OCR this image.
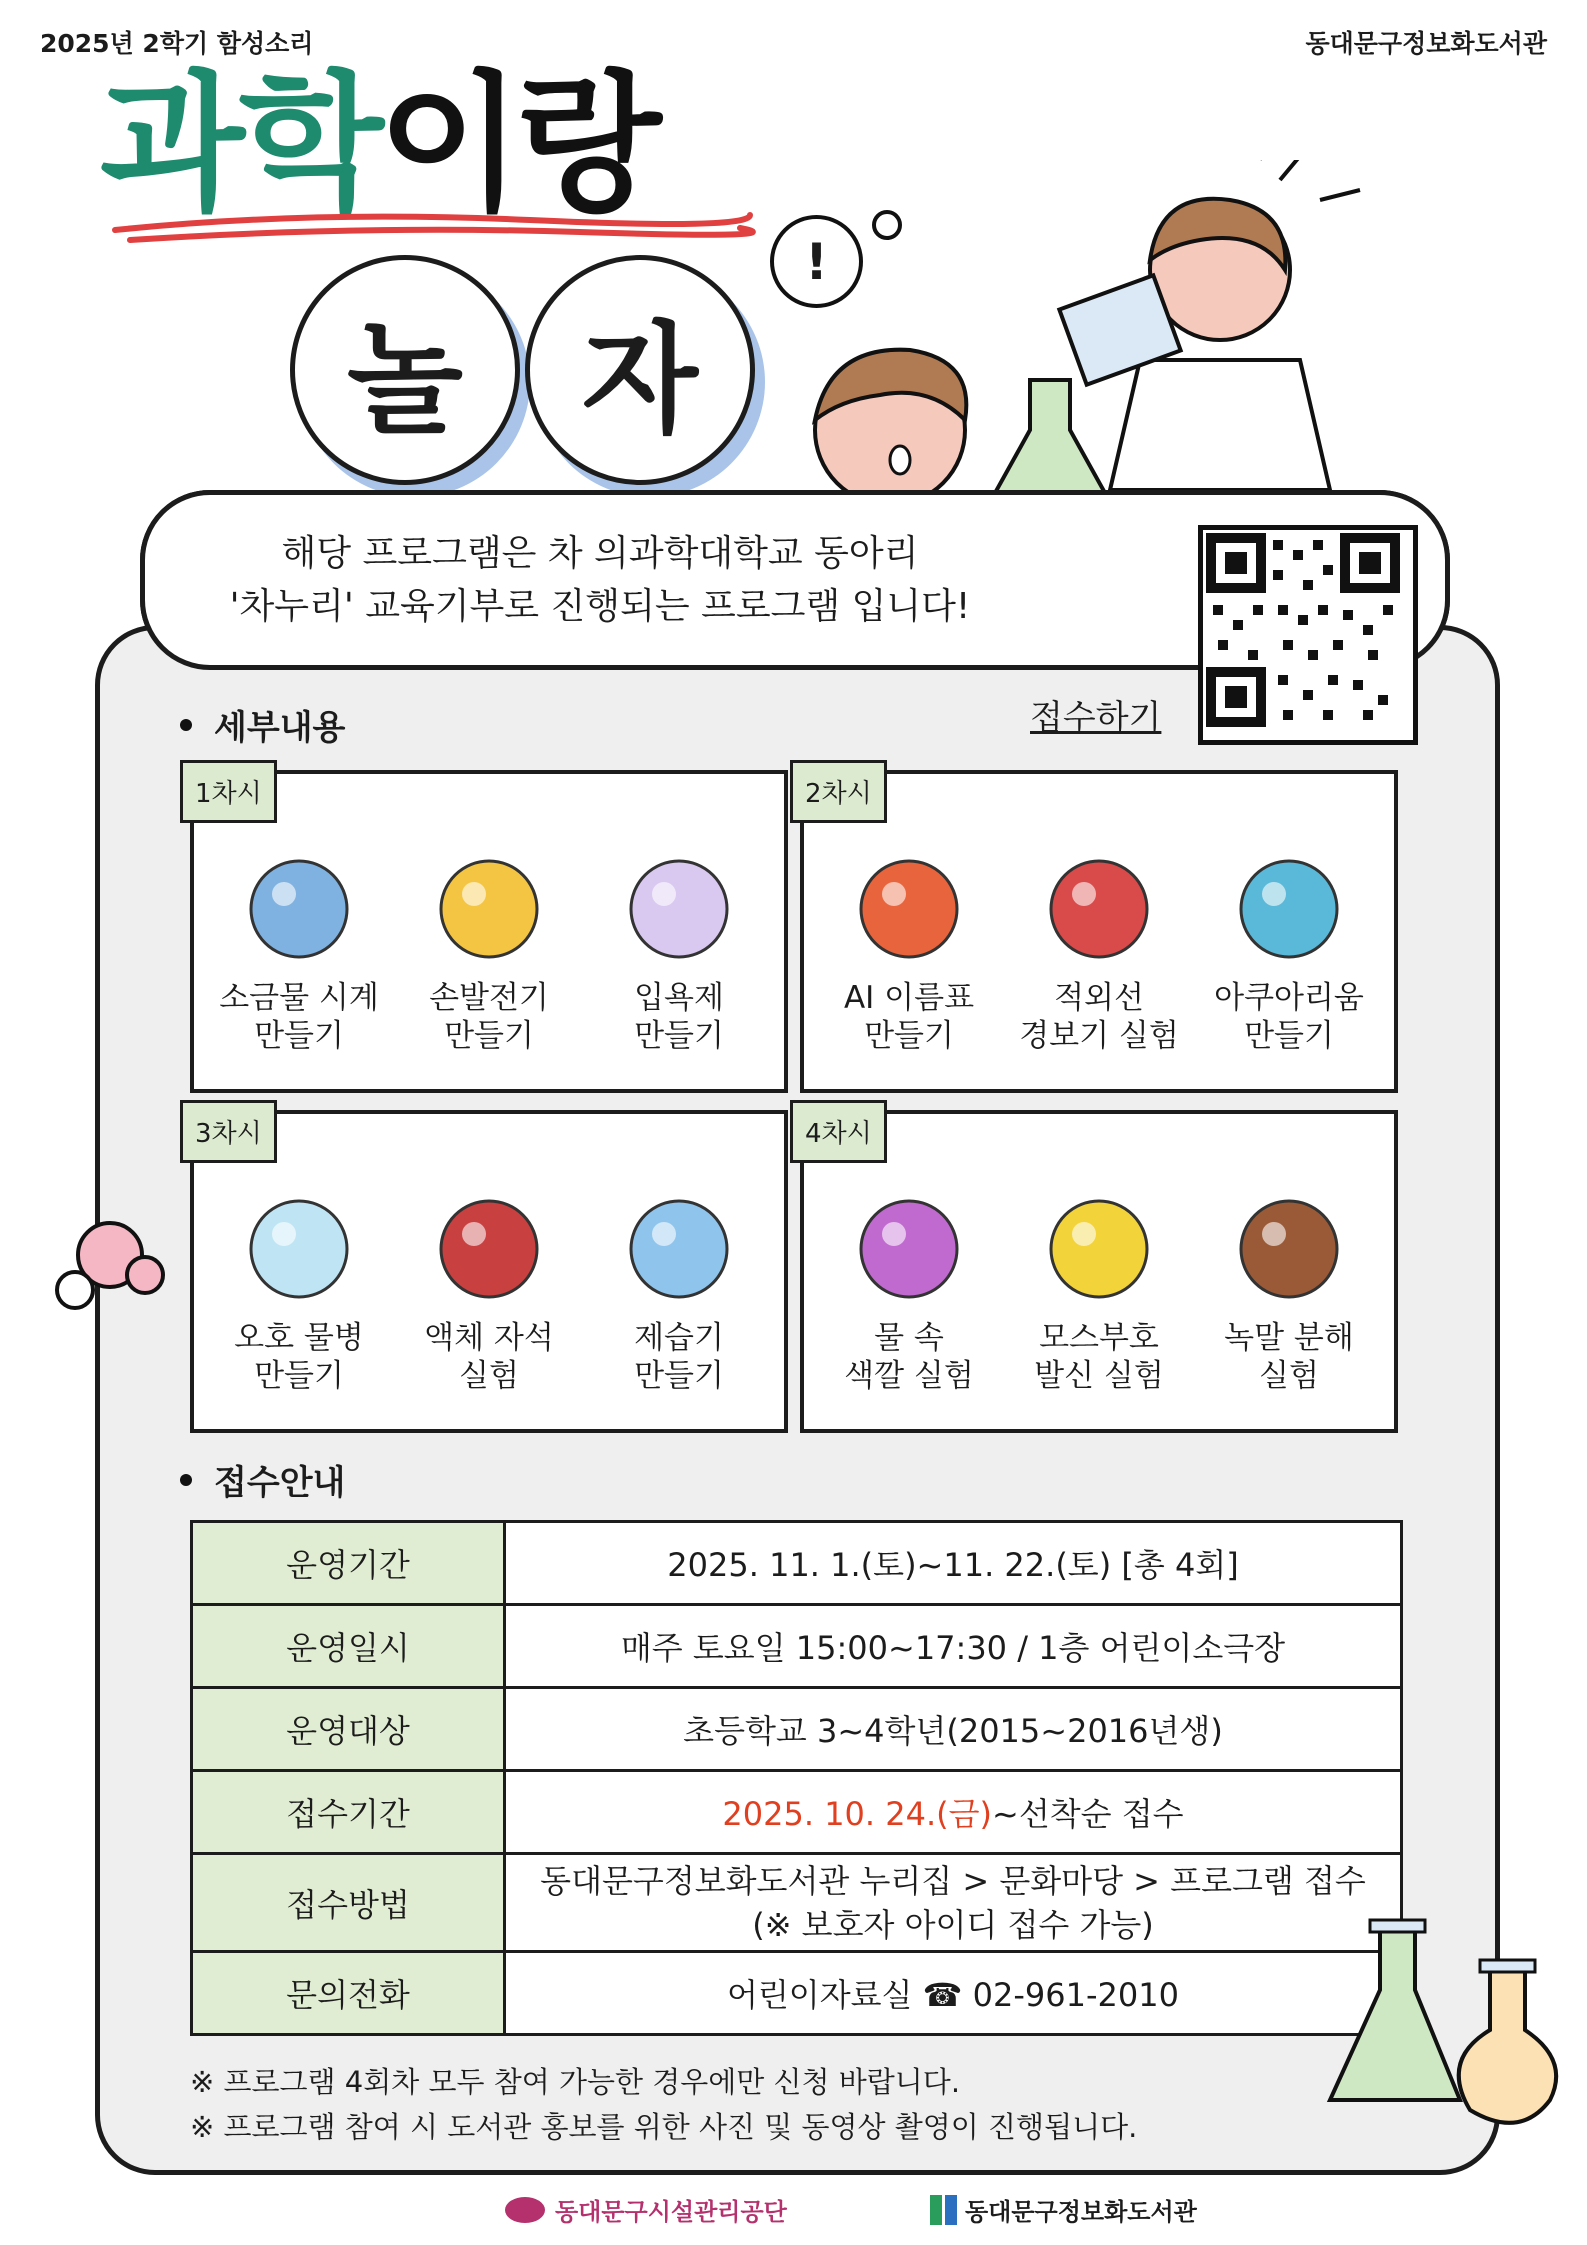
2025년 2학기 함성소리	동대문구정보화도서관
과학이랑
놀 자
!
해당 프로그램은 차 의과학대학교 동아리
'차누리' 교육기부로 진행되는 프로그램 입니다!
접수하기
세부내용
1차시
소금물 시계
만들기
손발전기
만들기
입욕제
만들기
2차시
AI 이름표
만들기
적외선
경보기 실험
아쿠아리움
만들기
3차시
오호 물병
만들기
액체 자석
실험
제습기
만들기
4차시
물 속
색깔 실험
모스부호
발신 실험
녹말 분해
실험
접수안내
운영기간	2025. 11. 1.(토)~11. 22.(토) [총 4회]
운영일시	매주 토요일 15:00~17:30 / 1층 어린이소극장
운영대상	초등학교 3~4학년(2015~2016년생)
접수기간	2025. 10. 24.(금)~선착순 접수
접수방법	동대문구정보화도서관 누리집 > 문화마당 > 프로그램 접수
(※ 보호자 아이디 접수 가능)

문의전화	어린이자료실 ☎ 02-961-2010
※ 프로그램 4회차 모두 참여 가능한 경우에만 신청 바랍니다.
※ 프로그램 참여 시 도서관 홍보를 위한 사진 및 동영상 촬영이 진행됩니다.
동대문구시설관리공단	동대문구정보화도서관
